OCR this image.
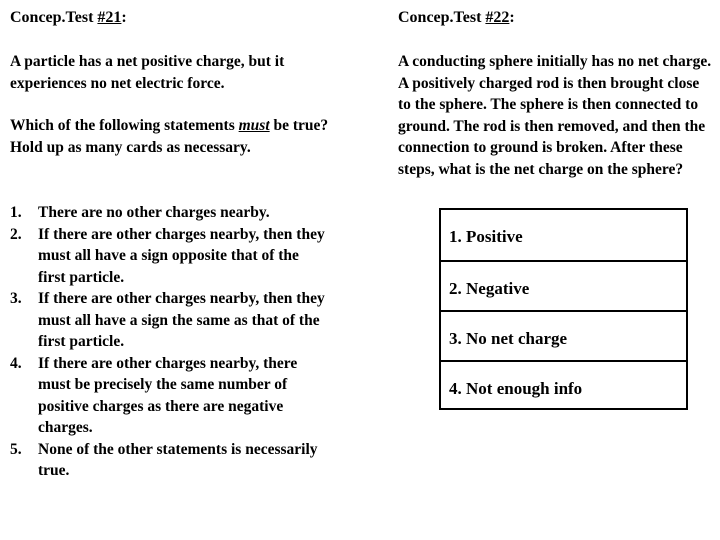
Concep.Test #21:

A particle has a net positive charge, but it experiences no net electric force.

Which of the following statements must be true? Hold up as many cards as necessary.

1. There are no other charges nearby.
2. If there are other charges nearby, then they must all have a sign opposite that of the first particle.
3. If there are other charges nearby, then they must all have a sign the same as that of the first particle.
4. If there are other charges nearby, there must be precisely the same number of positive charges as there are negative charges.
5. None of the other statements is necessarily true.
Concep.Test #22:

A conducting sphere initially has no net charge. A positively charged rod is then brought close to the sphere. The sphere is then connected to ground. The rod is then removed, and then the connection to ground is broken. After these steps, what is the net charge on the sphere?

1. Positive
2. Negative
3. No net charge
4. Not enough info
